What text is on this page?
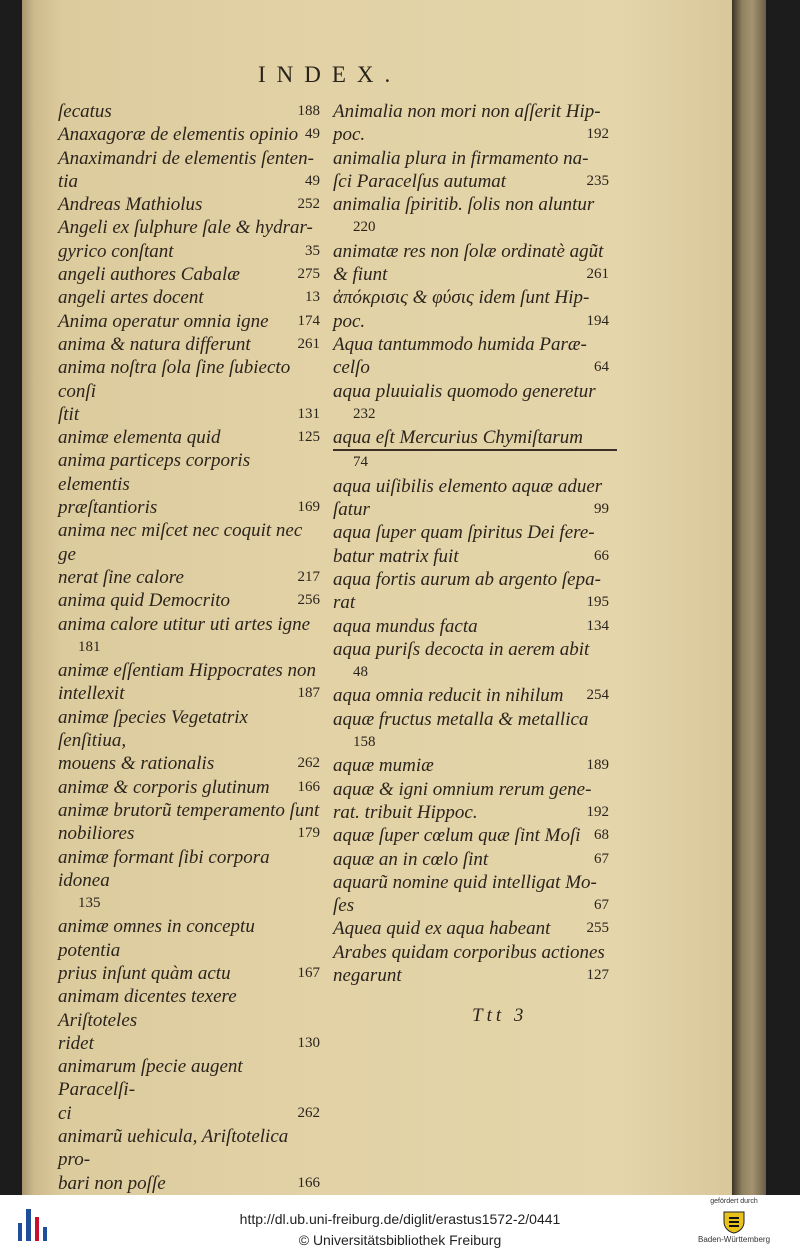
INDEX.
ſecatus	188
Anaxagoræ de elementis opinio 49
Anaximandri de elementis ſenten-
tia	49
Andreas Mathiolus	252
Angeli ex ſulphure ſale & hydrar-
gyrico conſtant	35
angeli authores Cabalæ	275
angeli artes docent	13
Anima operatur omnia igne	174
anima & natura differunt	261
anima noſtra ſola ſine ſubiecto conſi
ſtit	131
animæ elementa quid	125
anima particeps corporis elementis
præſtantioris	169
anima nec miſcet nec coquit nec ge
nerat ſine calore	217
anima quid Democrito	256
anima calore utitur uti artes igne
181
animæ eſſentiam Hippocrates non
intellexit	187
animæ ſpecies Vegetatrix ſenſitiua,
mouens & rationalis	262
animæ & corporis glutinum	166
animæ brutorũ temperamento ſunt
nobiliores	179
animæ formant ſibi corpora idonea
135
animæ omnes in conceptu potentia
prius inſunt quàm actu	167
animam dicentes texere Ariſtoteles
ridet	130
animarum ſpecie augent Paracelſi-
ci	262
animarũ uehicula, Ariſtotelica pro-
bari non poſſe	166
Animalia non mori non aſſerit Hip-
poc.	192
animalia plura in firmamento na-
ſci Paracelſus autumat	235
animalia ſpiritib. ſolis non aluntur
220
animatæ res non ſolæ ordinatè agũt
& fiunt	261
ἀπόκρισις & φύσις idem ſunt Hip-
poc.	194
Aqua tantummodo humida Paræ-
celſo	64
aqua pluuialis quomodo generetur
232
aqua eſt Mercurius Chymiſtarum
74
aqua uiſibilis elemento aquæ aduer
ſatur	99
aqua ſuper quam ſpiritus Dei fere-
batur matrix fuit	66
aqua fortis aurum ab argento ſepa-
rat	195
aqua mundus facta	134
aqua puriſs decocta in aerem abit
48
aqua omnia reducit in nihilum	254
aquæ fructus metalla & metallica
158
aquæ mumiæ	189
aquæ & igni omnium rerum gene-
rat. tribuit Hippoc.	192
aquæ ſuper cœlum quæ ſint Moſi 68
aquæ an in cœlo ſint	67
aquarũ nomine quid intelligat Mo-
ſes	67
Aquea quid ex aqua habeant	255
Arabes quidam corporibus actiones
negarunt	127
Ttt 3
http://dl.ub.uni-freiburg.de/diglit/erastus1572-2/0441
© Universitätsbibliothek Freiburg
gefördert durch
Baden-Württemberg
